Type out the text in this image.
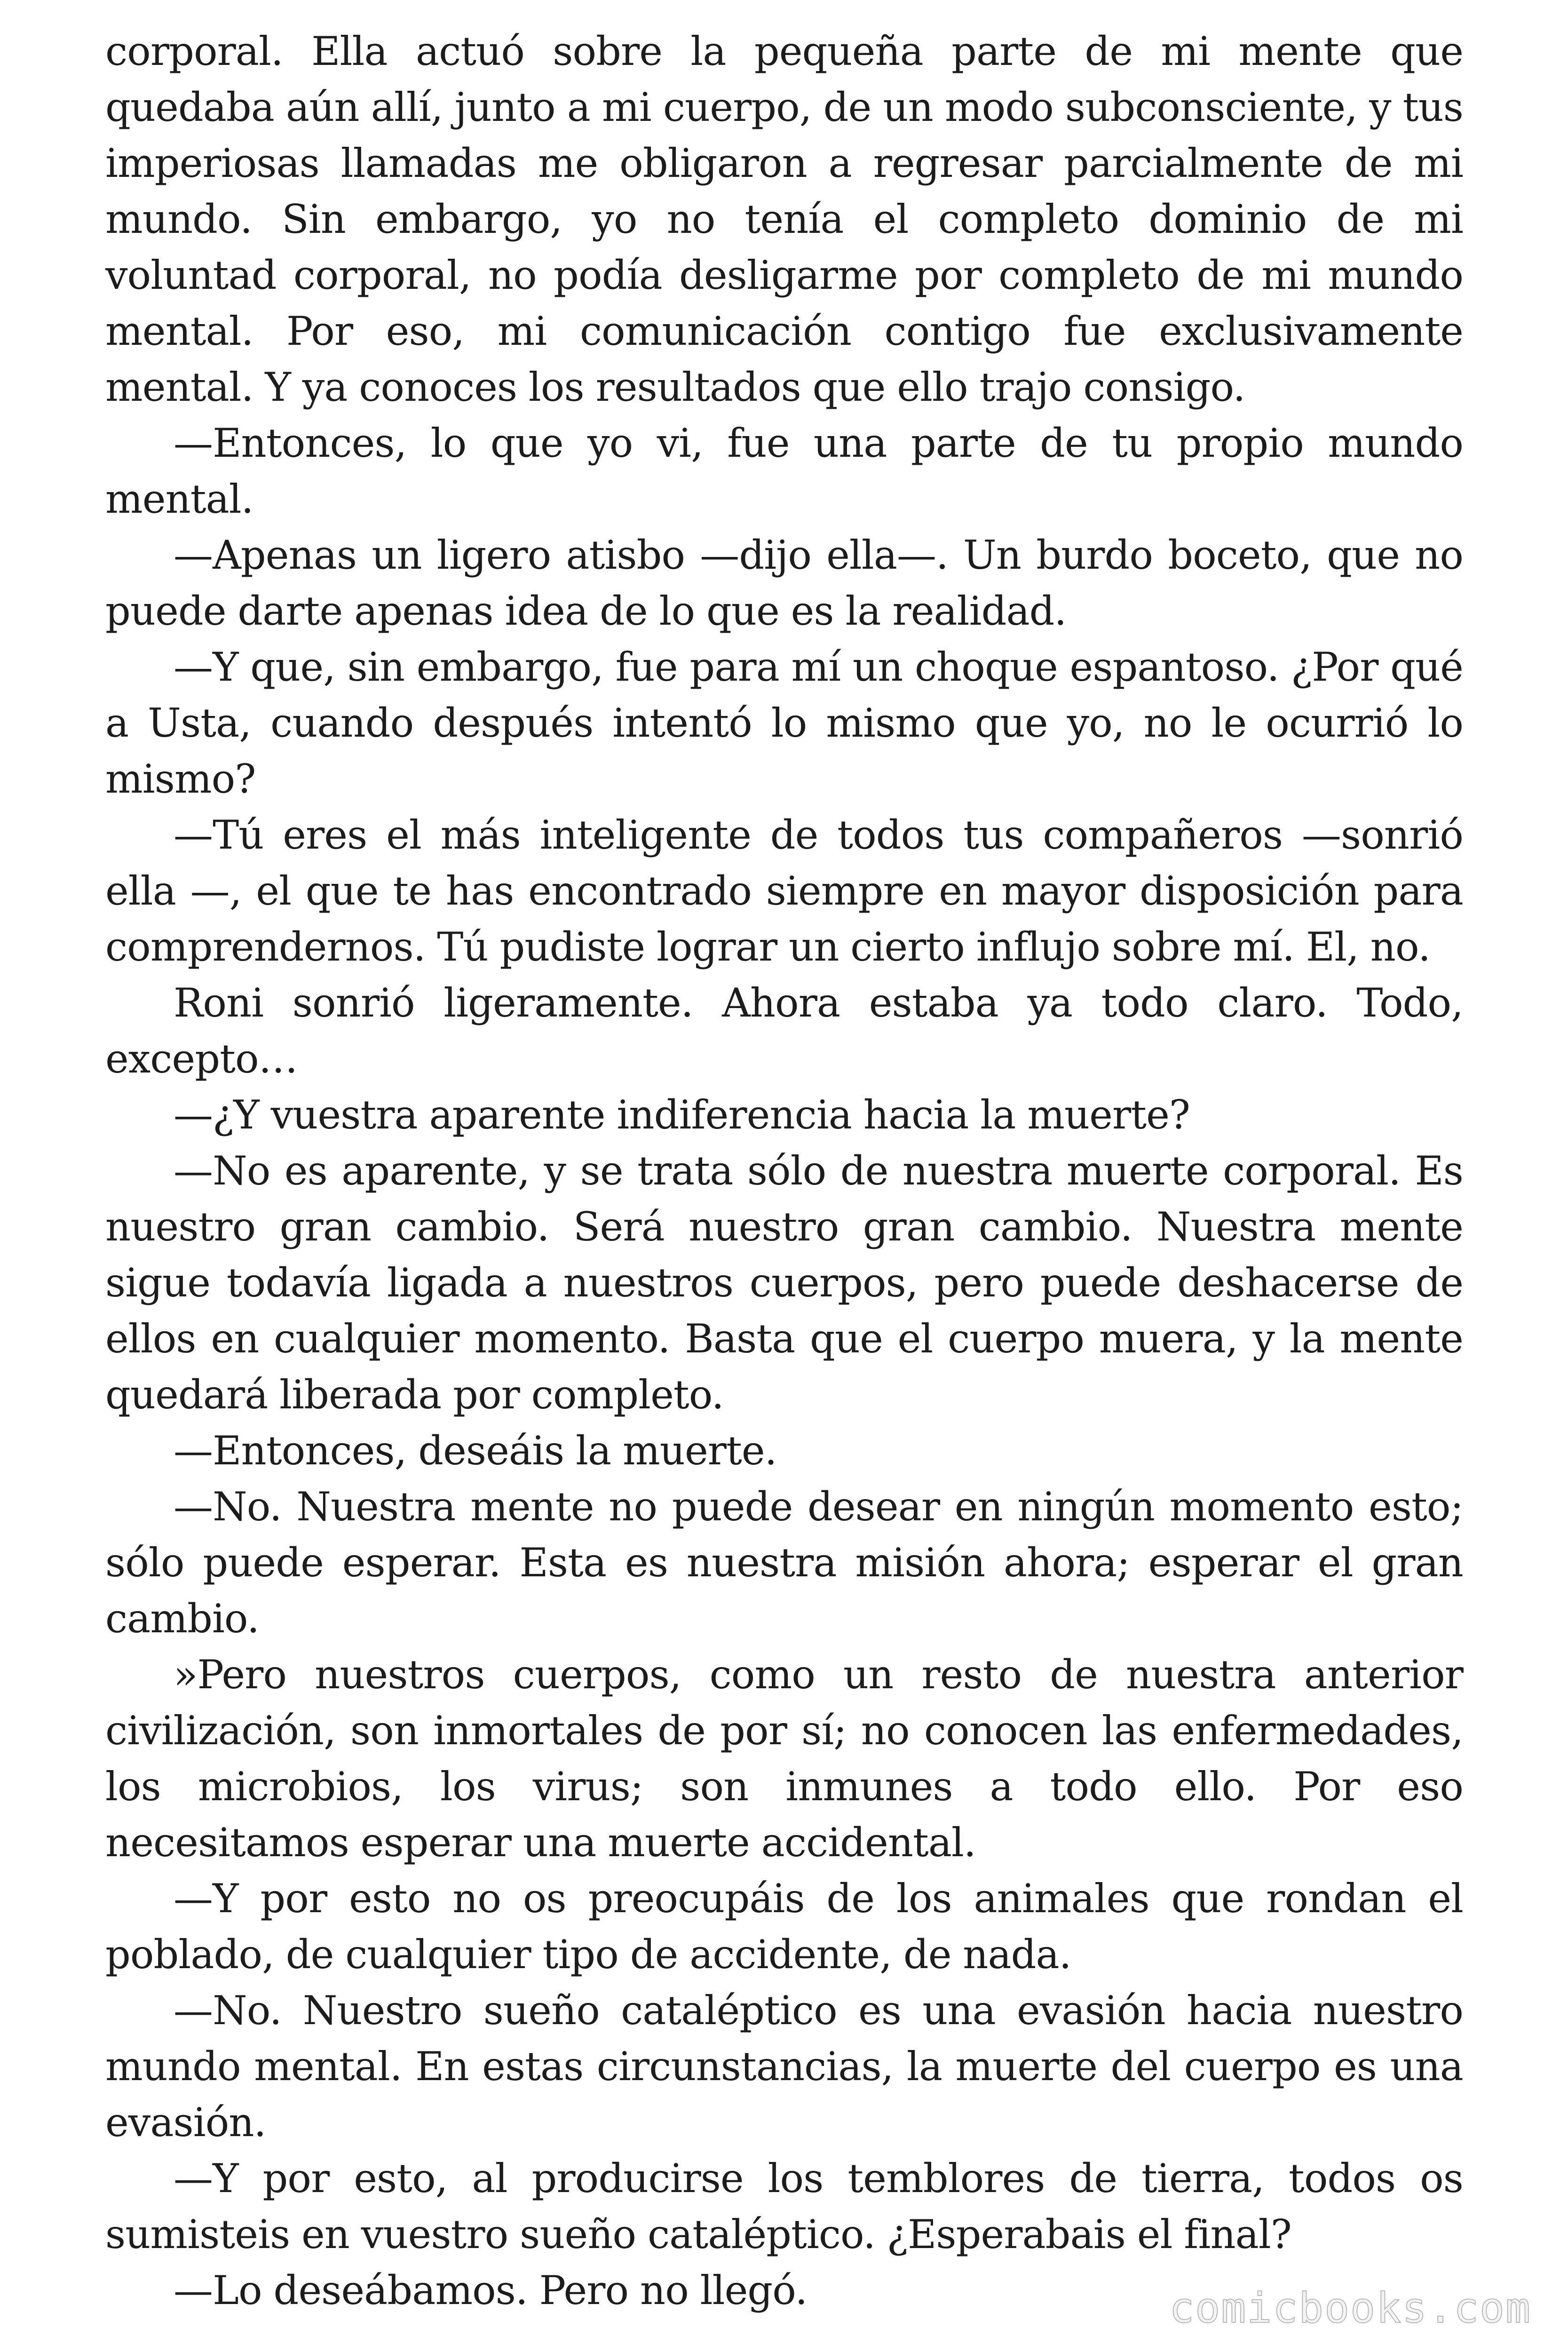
corporal. Ella actuó sobre la pequeña parte de mi mente que quedaba aún allí, junto a mi cuerpo, de un modo subconsciente, y tus imperiosas llamadas me obligaron a regresar parcialmente de mi mundo. Sin embargo, yo no tenía el completo dominio de mi voluntad corporal, no podía desligarme por completo de mi mundo mental. Por eso, mi comunicación contigo fue exclusivamente mental. Y ya conoces los resultados que ello trajo consigo.

—Entonces, lo que yo vi, fue una parte de tu propio mundo mental.

—Apenas un ligero atisbo —dijo ella—. Un burdo boceto, que no puede darte apenas idea de lo que es la realidad.

—Y que, sin embargo, fue para mí un choque espantoso. ¿Por qué a Usta, cuando después intentó lo mismo que yo, no le ocurrió lo mismo?

—Tú eres el más inteligente de todos tus compañeros —sonrió ella —, el que te has encontrado siempre en mayor disposición para comprendernos. Tú pudiste lograr un cierto influjo sobre mí. El, no.

Roni sonrió ligeramente. Ahora estaba ya todo claro. Todo, excepto…

—¿Y vuestra aparente indiferencia hacia la muerte?

—No es aparente, y se trata sólo de nuestra muerte corporal. Es nuestro gran cambio. Será nuestro gran cambio. Nuestra mente sigue todavía ligada a nuestros cuerpos, pero puede deshacerse de ellos en cualquier momento. Basta que el cuerpo muera, y la mente quedará liberada por completo.

—Entonces, deseáis la muerte.

—No. Nuestra mente no puede desear en ningún momento esto; sólo puede esperar. Esta es nuestra misión ahora; esperar el gran cambio.

»Pero nuestros cuerpos, como un resto de nuestra anterior civilización, son inmortales de por sí; no conocen las enfermedades, los microbios, los virus; son inmunes a todo ello. Por eso necesitamos esperar una muerte accidental.

—Y por esto no os preocupáis de los animales que rondan el poblado, de cualquier tipo de accidente, de nada.

—No. Nuestro sueño cataléptico es una evasión hacia nuestro mundo mental. En estas circunstancias, la muerte del cuerpo es una evasión.

—Y por esto, al producirse los temblores de tierra, todos os sumisteis en vuestro sueño cataléptico. ¿Esperabais el final?

—Lo deseábamos. Pero no llegó.	comicbooks.com
